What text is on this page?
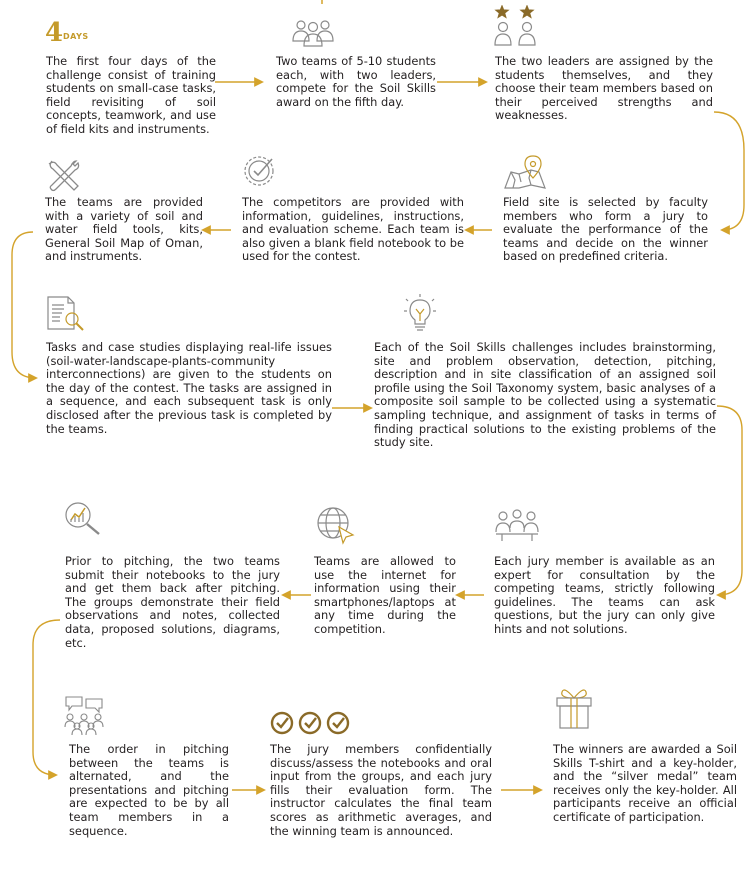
4 DAYS

The first four days of the challenge consist of training students on small-case tasks, field revisiting of soil concepts, teamwork, and use of field kits and instruments.

Two teams of 5-10 students each, with two leaders, compete for the Soil Skills award on the fifth day.

The two leaders are assigned by the students themselves, and they choose their team members based on their perceived strengths and weaknesses.

Field site is selected by faculty members who form a jury to evaluate the performance of the teams and decide on the winner based on predefined criteria.

The competitors are provided with information, guidelines, instructions, and evaluation scheme. Each team is also given a blank field notebook to be used for the contest.

The teams are provided with a variety of soil and water field tools, kits, General Soil Map of Oman, and instruments.

Tasks and case studies displaying real-life issues (soil-water-landscape-plants-community interconnections) are given to the students on the day of the contest. The tasks are assigned in a sequence, and each subsequent task is only disclosed after the previous task is completed by the teams.

Each of the Soil Skills challenges includes brainstorming, site and problem observation, detection, pitching, description and in site classification of an assigned soil profile using the Soil Taxonomy system, basic analyses of a composite soil sample to be collected using a systematic sampling technique, and assignment of tasks in terms of finding practical solutions to the existing problems of the study site.

Each jury member is available as an expert for consultation by the competing teams, strictly following guidelines. The teams can ask questions, but the jury can only give hints and not solutions.

Teams are allowed to use the internet for information using their smartphones/laptops at any time during the competition.

Prior to pitching, the two teams submit their notebooks to the jury and get them back after pitching. The groups demonstrate their field observations and notes, collected data, proposed solutions, diagrams, etc.

The order in pitching between the teams is alternated, and the presentations and pitching are expected to be by all team members in a sequence.

The jury members confidentially discuss/assess the notebooks and oral input from the groups, and each jury fills their evaluation form. The instructor calculates the final team scores as arithmetic averages, and the winning team is announced.

The winners are awarded a Soil Skills T-shirt and a key-holder, and the “silver medal” team receives only the key-holder. All participants receive an official certificate of participation.
